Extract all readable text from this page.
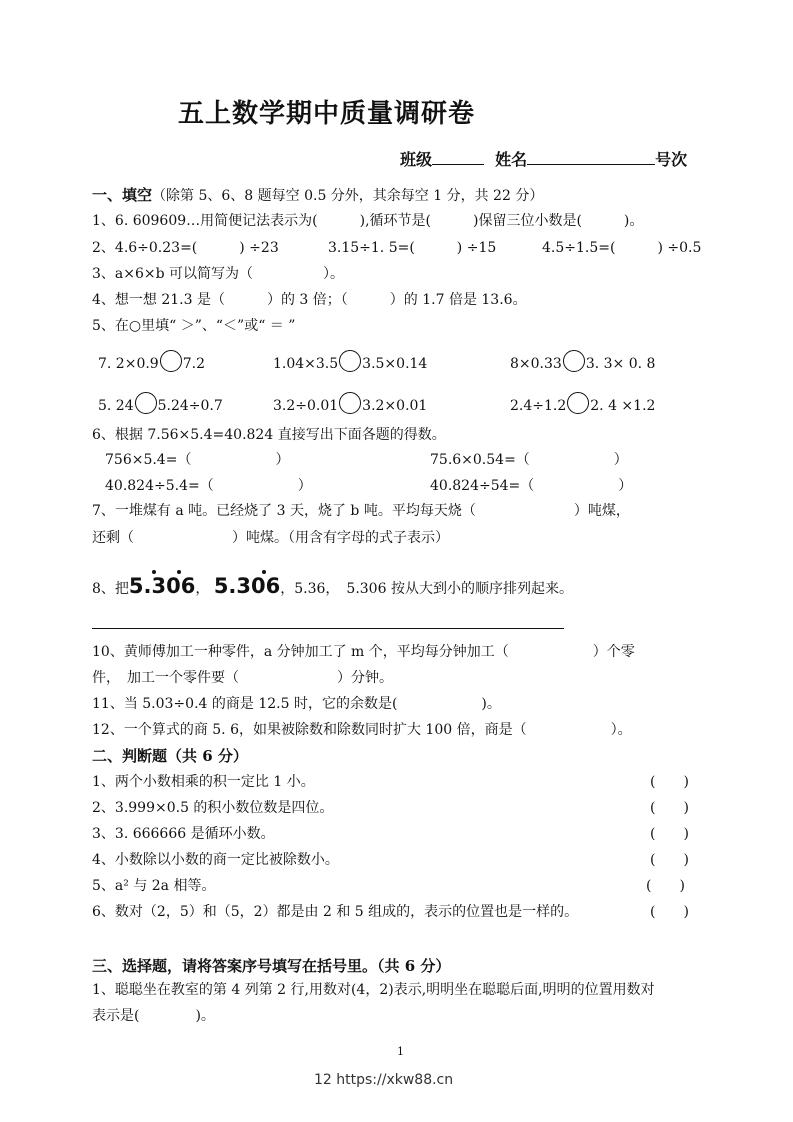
五上数学期中质量调研卷
班级	姓名	号次
一、填空（除第 5、6、8 题每空 0.5 分外，其余每空 1 分，共 22 分）
1、6. 609609…用简便记法表示为(　　　),循环节是(　　　)保留三位小数是(　　　)。
2、4.6÷0.23=(　　　) ÷23	3.15÷1. 5=(　　　) ÷15	4.5÷1.5=(　　　) ÷0.5
3、a×6×b 可以简写为（　　　　　）。
4、想一想 21.3 是（　　　）的 3 倍；（　　　）的 1.7 倍是 13.6。
5、在○里填“ ＞”、“＜”或“ ＝ ”
7. 2×0.9 7.2	1.04×3.5 3.5×0.14	8×0.33 3. 3× 0. 8
5. 24 5.24÷0.7	3.2÷0.01 3.2×0.01	2.4÷1.2 2. 4 ×1.2
6、根据 7.56×5.4=40.824 直接写出下面各题的得数。
756×5.4=（　　　　　　）	75.6×0.54=（　　　　　　）
40.824÷5.4=（　　　　　　）	40.824÷54=（　　　　　　）
7、一堆煤有 a 吨。已经烧了 3 天，烧了 b 吨。平均每天烧（　　　　　　　）吨煤，
还剩（　　　　　　　）吨煤。（用含有字母的式子表示）
8、把
5.306，
5.306，5.36，　5.306 按从大到小的顺序排列起来。
10、黄师傅加工一种零件，a 分钟加工了 m 个，平均每分钟加工（　　　　　　）个零
件，　加工一个零件要（　　　　　　　）分钟。
11、当 5.03÷0.4 的商是 12.5 时，它的余数是(　　　　　　)。
12、一个算式的商 5. 6，如果被除数和除数同时扩大 100 倍，商是（　　　　　　）。
二、判断题（共 6 分）
1、两个小数相乘的积一定比 1 小。	(　　)
2、3.999×0.5 的积小数位数是四位。	(　　)
3、3. 666666 是循环小数。	(　　)
4、小数除以小数的商一定比被除数小。	(　　)
5、a² 与 2a 相等。	(　　)
6、数对（2，5）和（5，2）都是由 2 和 5 组成的，表示的位置也是一样的。	(　　)
三、选择题，请将答案序号填写在括号里。（共 6 分）
1、聪聪坐在教室的第 4 列第 2 行,用数对(4，2)表示,明明坐在聪聪后面,明明的位置用数对
表示是(　　　　)。
1
12 https://xkw88.cn
